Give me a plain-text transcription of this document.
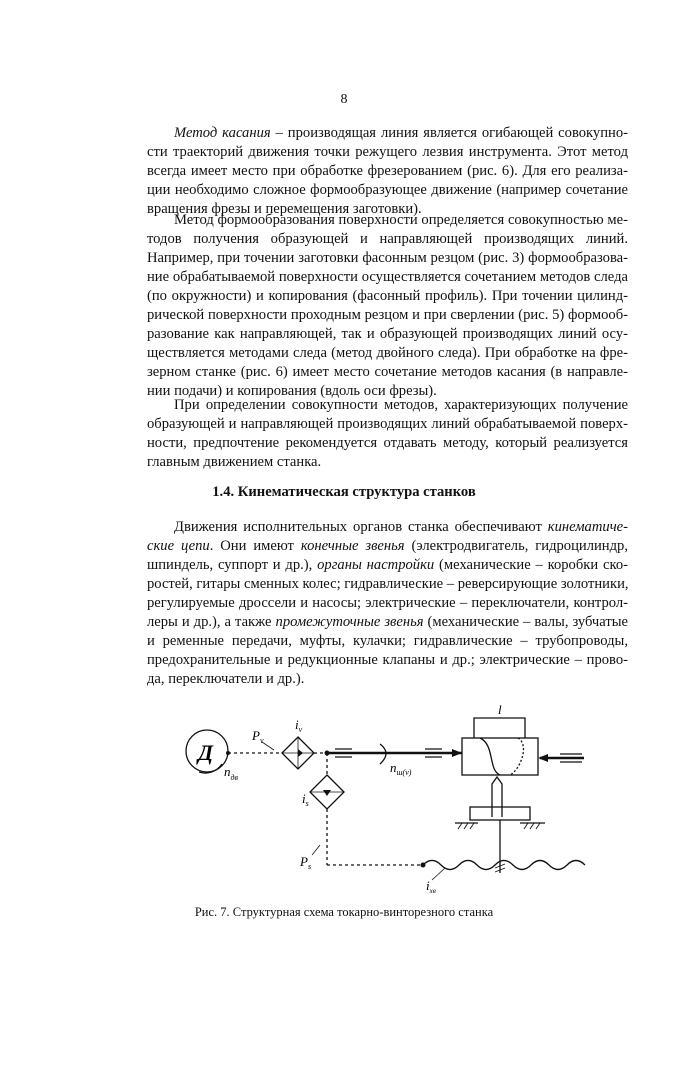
8
Метод касания – производящая линия является огибающей совокупно-
сти траекторий движения точки режущего лезвия инструмента. Этот метод
всегда имеет место при обработке фрезерованием (рис. 6). Для его реализа-
ции необходимо сложное формообразующее движение (например сочетание
вращения фрезы и перемещения заготовки).
Метод формообразования поверхности определяется совокупностью ме-
тодов получения образующей и направляющей производящих линий.
Например, при точении заготовки фасонным резцом (рис. 3) формообразова-
ние обрабатываемой поверхности осуществляется сочетанием методов следа
(по окружности) и копирования (фасонный профиль). При точении цилинд-
рической поверхности проходным резцом и при сверлении (рис. 5) формооб-
разование как направляющей, так и образующей производящих линий осу-
ществляется методами следа (метод двойного следа). При обработке на фре-
зерном станке (рис. 6) имеет место сочетание методов касания (в направле-
нии подачи) и копирования (вдоль оси фрезы).
При определении совокупности методов, характеризующих получение
образующей и направляющей производящих линий обрабатываемой поверх-
ности, предпочтение рекомендуется отдавать методу, который реализуется
главным движением станка.
1.4. Кинематическая структура станков
Движения исполнительных органов станка обеспечивают кинематиче-
ские цепи. Они имеют конечные звенья (электродвигатель, гидроцилиндр,
шпиндель, суппорт и др.), органы настройки (механические – коробки ско-
ростей, гитары сменных колес; гидравлические – реверсирующие золотники,
регулируемые дроссели и насосы; электрические – переключатели, контрол-
леры и др.), а также промежуточные звенья (механические – валы, зубчатые
и ременные передачи, муфты, кулачки; гидравлические – трубопроводы,
предохранительные и редукционные клапаны и др.; электрические – прово-
да, переключатели и др.).
Д
$i_v$
$P_v$
$n_{дв}$
$n_{ш(v)}$
$i_s$
$P_s$
$i_{хв}$
l
Рис. 7. Структурная схема токарно-винторезного станка
